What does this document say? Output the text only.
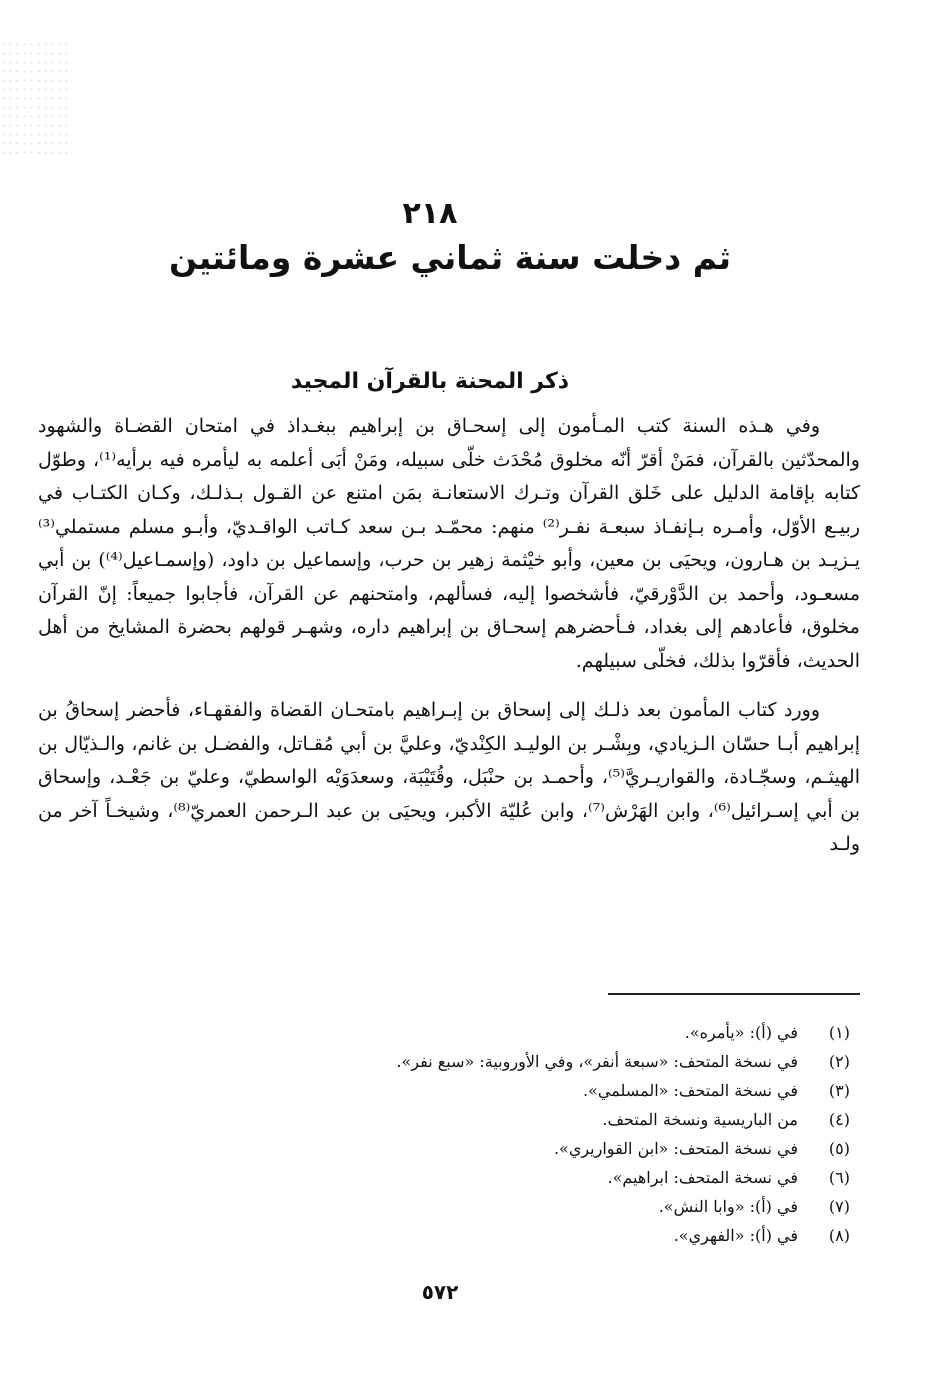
٢١٨
ثم دخلت سنة ثماني عشرة ومائتين
ذكر المحنة بالقرآن المجيد

وفي هـذه السنة كتب المـأمون إلى إسحـاق بن إبراهيم ببغـداذ في امتحان القضـاة والشهود والمحدّثين بالقرآن، فمَنْ أقرّ أنّه مخلوق مُحْدَث خلّى سبيله، ومَنْ أبَى أعلمه به ليأمره فيه برأيه⁽¹⁾، وطوّل كتابه بإقامة الدليل على خَلق القرآن وتـرك الاستعانـة بمَن امتنع عن القـول بـذلـك، وكـان الكتـاب في ربيـع الأوّل، وأمـره بـإنفـاذ سبعـة نفـر⁽²⁾ منهم: محمّـد بـن سعد كـاتب الواقـديّ، وأبـو مسلم مستملي⁽³⁾ يـزيـد بن هـارون، ويحيَى بن معين، وأبو خيْثمة زهير بن حرب، وإسماعيل بن داود، (وإسمـاعيل⁽⁴⁾) بن أبي مسعـود، وأحمد بن الدَّوْرقيّ، فأشخصوا إليه، فسألهم، وامتحنهم عن القرآن، فأجابوا جميعاً: إنّ القرآن مخلوق، فأعادهم إلى بغداد، فـأحضرهم إسحـاق بن إبراهيم داره، وشهـر قولهم بحضرة المشايخ من أهل الحديث، فأقرّوا بذلك، فخلّى سبيلهم.

وورد كتاب المأمون بعد ذلـك إلى إسحاق بن إبـراهيم بامتحـان القضاة والفقهـاء، فأحضر إسحاقُ بن إبراهيم أبـا حسّان الـزيادي، وبِشْـر بن الوليـد الكِنْديّ، وعليَّ بن أبي مُقـاتل، والفضـل بن غانم، والـذيّال بن الهيثـم، وسجّـادة، والقواريـريَّ⁽⁵⁾، وأحمـد بن حنْبَل، وقُتَيْبَة، وسعدَوَيْه الواسطيّ، وعليّ بن جَعْـد، وإسحاق بن أبي إسـرائيل⁽⁶⁾، وابن الهَرْش⁽⁷⁾، وابن عُليّة الأكبر، ويحيَى بن عبد الـرحمن العمريّ⁽⁸⁾، وشيخـاً آخر من ولـد

(١)
في (أ): «يأمره».
(٢)
في نسخة المتحف: «سبعة أنفر»، وفي الأوروبية: «سبع نفر».
(٣)
في نسخة المتحف: «المسلمي».
(٤)
من الباريسية ونسخة المتحف.
(٥)
في نسخة المتحف: «ابن القواريري».
(٦)
في نسخة المتحف: ابراهيم».
(٧)
في (أ): «وابا النش».
(٨)
في (أ): «الفهري».
٥٧٢
